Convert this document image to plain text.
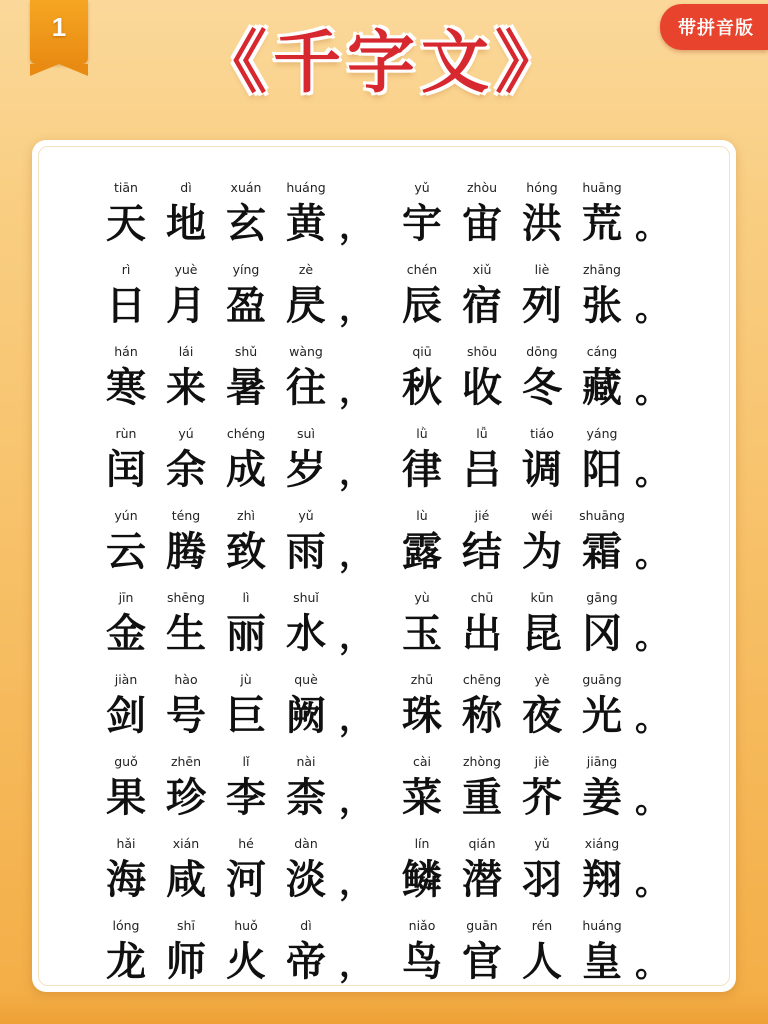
1	带拼音版
《千字文》
tiān
天
dì
地
xuán
玄
huáng
黄 ，
yǔ
宇
zhòu
宙
hóng
洪
huāng
荒 。
rì
日
yuè
月
yíng
盈
zè
昃 ，
chén
辰
xiǔ
宿
liè
列
zhāng
张 。
hán
寒
lái
来
shǔ
暑
wàng
往 ，
qiū
秋
shōu
收
dōng
冬
cáng
藏 。
rùn
闰
yú
余
chéng
成
suì
岁 ，
lǜ
律
lǚ
吕
tiáo
调
yáng
阳 。
yún
云
téng
腾
zhì
致
yǔ
雨 ，
lù
露
jié
结
wéi
为
shuāng
霜 。
jīn
金
shēng
生
lì
丽
shuǐ
水 ，
yù
玉
chū
出
kūn
昆
gāng
冈 。
jiàn
剑
hào
号
jù
巨
què
阙 ，
zhū
珠
chēng
称
yè
夜
guāng
光 。
guǒ
果
zhēn
珍
lǐ
李
nài
柰 ，
cài
菜
zhòng
重
jiè
芥
jiāng
姜 。
hǎi
海
xián
咸
hé
河
dàn
淡 ，
lín
鳞
qián
潜
yǔ
羽
xiáng
翔 。
lóng
龙
shī
师
huǒ
火
dì
帝 ，
niǎo
鸟
guān
官
rén
人
huáng
皇 。
